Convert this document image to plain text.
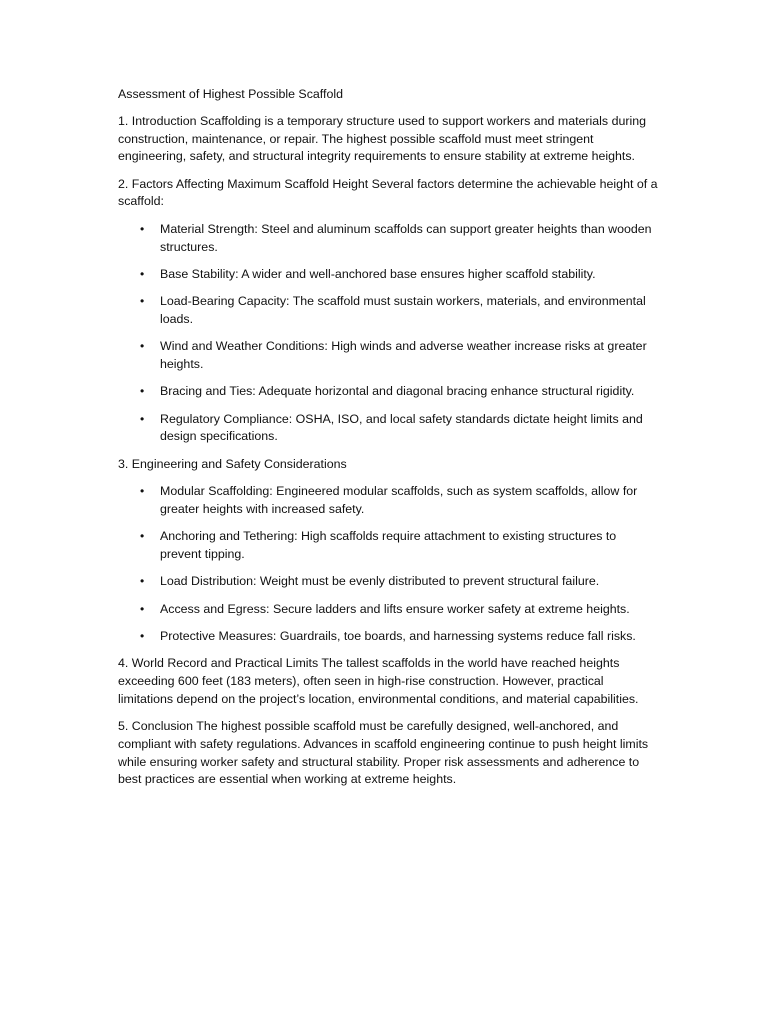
Assessment of Highest Possible Scaffold

1. Introduction Scaffolding is a temporary structure used to support workers and materials during construction, maintenance, or repair. The highest possible scaffold must meet stringent engineering, safety, and structural integrity requirements to ensure stability at extreme heights.

2. Factors Affecting Maximum Scaffold Height Several factors determine the achievable height of a scaffold:

• Material Strength: Steel and aluminum scaffolds can support greater heights than wooden structures.
• Base Stability: A wider and well-anchored base ensures higher scaffold stability.
• Load-Bearing Capacity: The scaffold must sustain workers, materials, and environmental loads.
• Wind and Weather Conditions: High winds and adverse weather increase risks at greater heights.
• Bracing and Ties: Adequate horizontal and diagonal bracing enhance structural rigidity.
• Regulatory Compliance: OSHA, ISO, and local safety standards dictate height limits and design specifications.

3. Engineering and Safety Considerations

• Modular Scaffolding: Engineered modular scaffolds, such as system scaffolds, allow for greater heights with increased safety.
• Anchoring and Tethering: High scaffolds require attachment to existing structures to prevent tipping.
• Load Distribution: Weight must be evenly distributed to prevent structural failure.
• Access and Egress: Secure ladders and lifts ensure worker safety at extreme heights.
• Protective Measures: Guardrails, toe boards, and harnessing systems reduce fall risks.

4. World Record and Practical Limits The tallest scaffolds in the world have reached heights exceeding 600 feet (183 meters), often seen in high-rise construction. However, practical limitations depend on the project’s location, environmental conditions, and material capabilities.

5. Conclusion The highest possible scaffold must be carefully designed, well-anchored, and compliant with safety regulations. Advances in scaffold engineering continue to push height limits while ensuring worker safety and structural stability. Proper risk assessments and adherence to best practices are essential when working at extreme heights.
